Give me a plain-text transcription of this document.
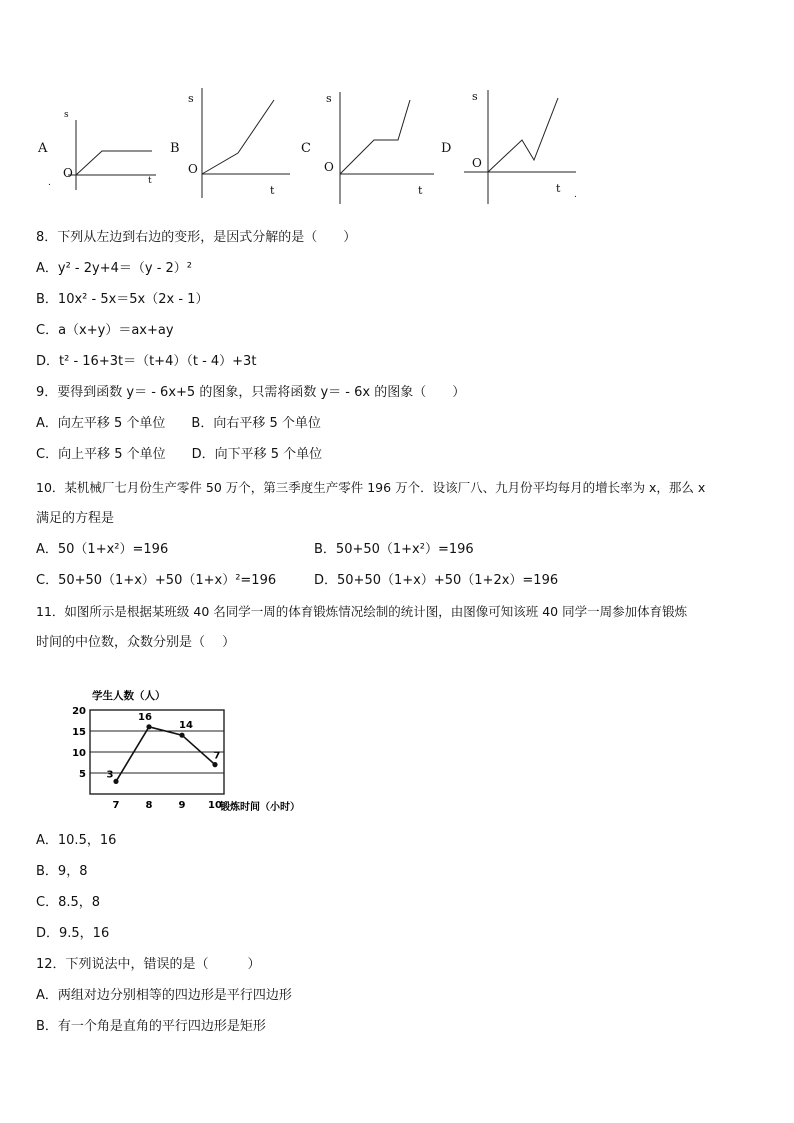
A
s
O
t
.
B
s
O
t
C
s
O
t
D
s
O
t .
8．下列从左边到右边的变形，是因式分解的是（　　）
A．y² - 2y+4＝（y - 2）²
B．10x² - 5x＝5x（2x - 1）
C．a（x+y）＝ax+ay
D．t² - 16+3t＝（t+4）（t - 4）+3t
9．要得到函数 y＝ - 6x+5 的图象，只需将函数 y＝ - 6x 的图象（　　）
A．向左平移 5 个单位　　B．向右平移 5 个单位
C．向上平移 5 个单位　　D．向下平移 5 个单位
10．某机械厂七月份生产零件 50 万个，第三季度生产零件 196 万个．设该厂八、九月份平均每月的增长率为 x，那么 x
满足的方程是
A．50（1+x²）=196	B．50+50（1+x²）=196
C．50+50（1+x）+50（1+x）²=196	D．50+50（1+x）+50（1+2x）=196
11．如图所示是根据某班级 40 名同学一周的体育锻炼情况绘制的统计图，由图像可知该班 40 同学一周参加体育锻炼
时间的中位数，众数分别是（　 ）
5
10
15
20
7	8	9 10
3
16
14
7
学生人数（人）
锻炼时间（小时）
A．10.5，16
B．9，8
C．8.5，8
D．9.5，16
12．下列说法中，错误的是（　　　）
A．两组对边分别相等的四边形是平行四边形
B．有一个角是直角的平行四边形是矩形
